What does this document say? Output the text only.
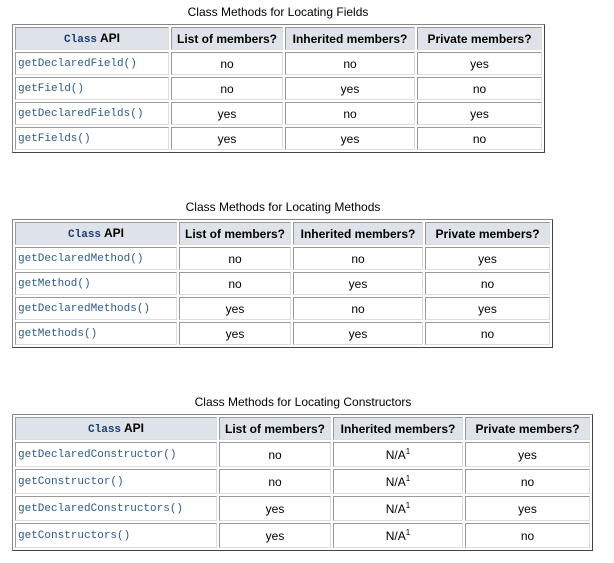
Class Methods for Locating Fields
Class API	List of members?	Inherited members?	Private members?
getDeclaredField()	no	no	yes
getField()	no	yes	no
getDeclaredFields()	yes	no	yes
getFields()	yes	yes	no
Class Methods for Locating Methods
Class API	List of members?	Inherited members?	Private members?
getDeclaredMethod()	no	no	yes
getMethod()	no	yes	no
getDeclaredMethods()	yes	no	yes
getMethods()	yes	yes	no
Class Methods for Locating Constructors
Class API	List of members?	Inherited members?	Private members?
getDeclaredConstructor()	no	$N/A^1$	yes
getConstructor()	no	$N/A^1$	no
getDeclaredConstructors()	yes	$N/A^1$	yes
getConstructors()	yes	$N/A^1$	no
